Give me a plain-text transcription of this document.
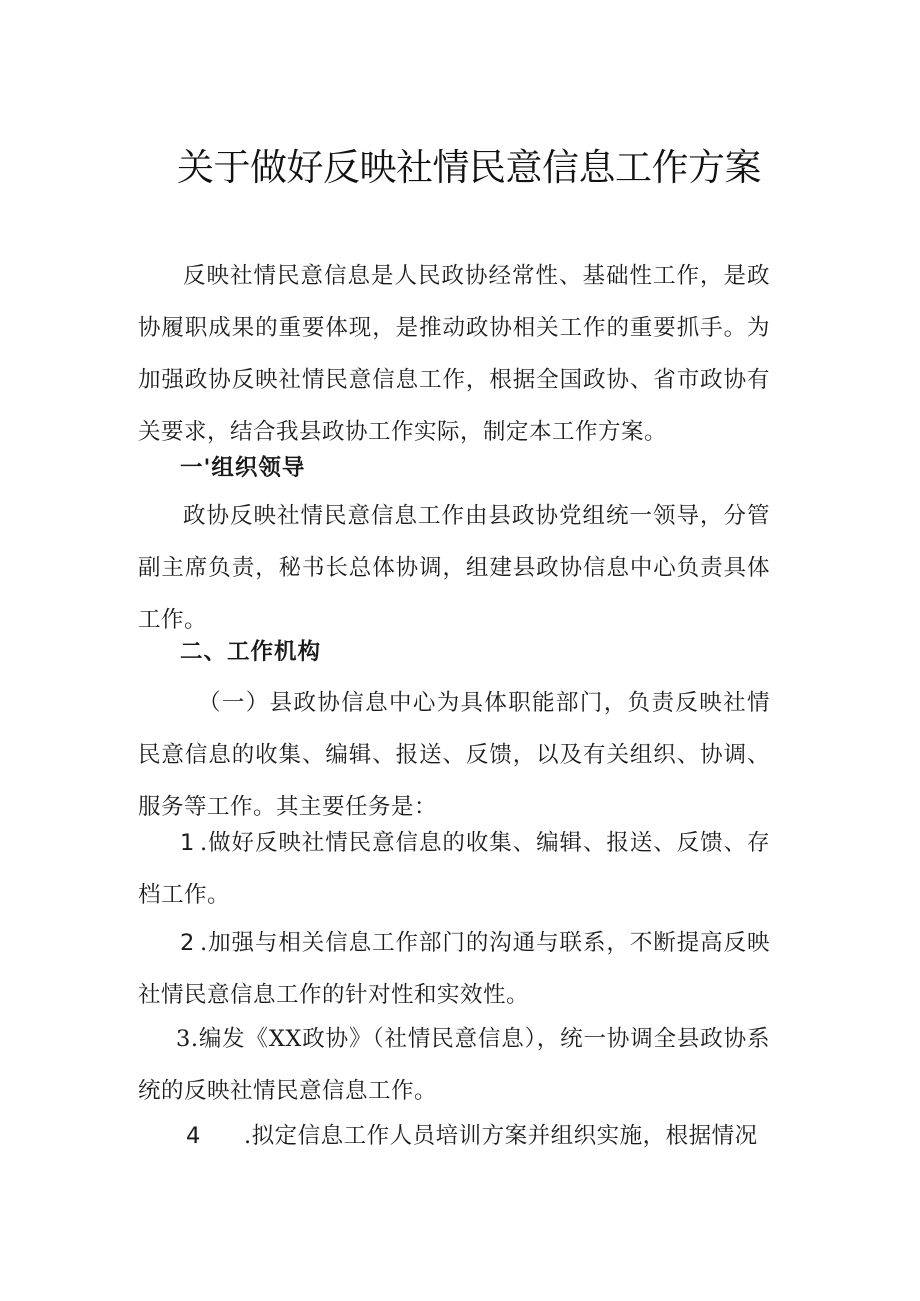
关于做好反映社情民意信息工作方案

反映社情民意信息是人民政协经常性、基础性工作，是政协履职成果的重要体现，是推动政协相关工作的重要抓手。为加强政协反映社情民意信息工作，根据全国政协、省市政协有关要求，结合我县政协工作实际，制定本工作方案。

一'组织领导

政协反映社情民意信息工作由县政协党组统一领导，分管副主席负责，秘书长总体协调，组建县政协信息中心负责具体工作。

二、工作机构

（一）县政协信息中心为具体职能部门，负责反映社情民意信息的收集、编辑、报送、反馈，以及有关组织、协调、服务等工作。其主要任务是：

1 .做好反映社情民意信息的收集、编辑、报送、反馈、存档工作。

2 .加强与相关信息工作部门的沟通与联系，不断提高反映社情民意信息工作的针对性和实效性。

3.编发《XX政协》（社情民意信息），统一协调全县政协系统的反映社情民意信息工作。

4	.拟定信息工作人员培训方案并组织实施，根据情况
